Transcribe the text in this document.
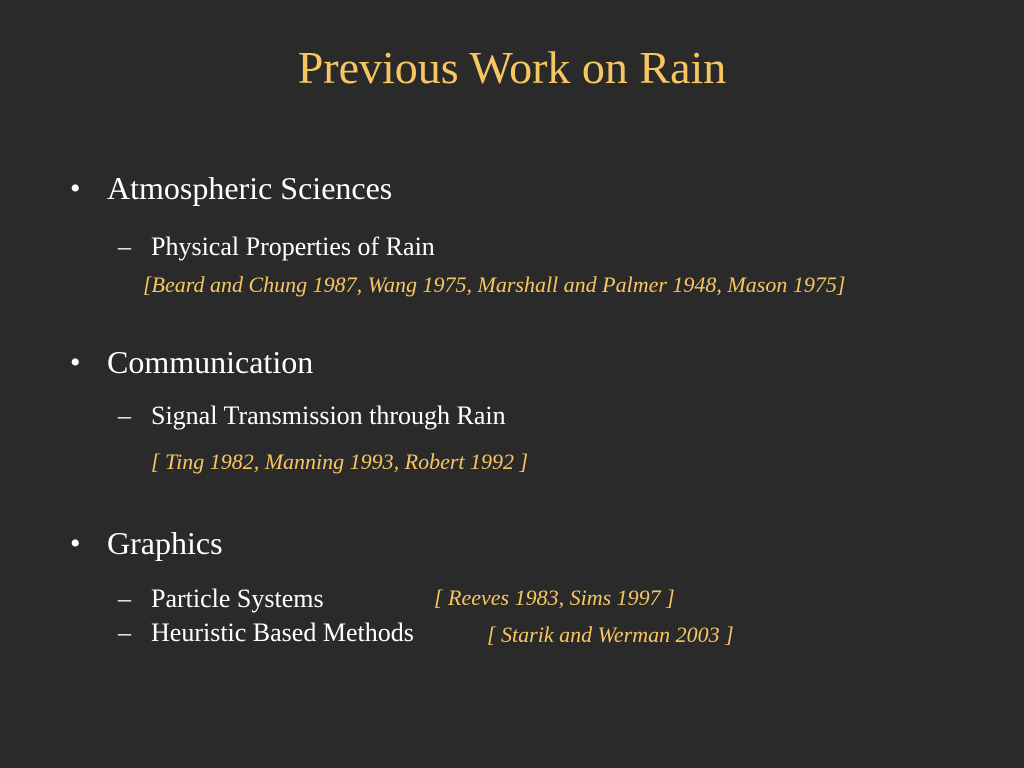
Previous Work on Rain
• Atmospheric Sciences
– Physical Properties of Rain
[Beard and Chung 1987, Wang 1975, Marshall and Palmer 1948, Mason 1975]
• Communication
– Signal Transmission through Rain
[ Ting 1982, Manning 1993, Robert 1992 ]
• Graphics
– Particle Systems	[ Reeves 1983, Sims 1997 ]
– Heuristic Based Methods	[ Starik and Werman 2003 ]
